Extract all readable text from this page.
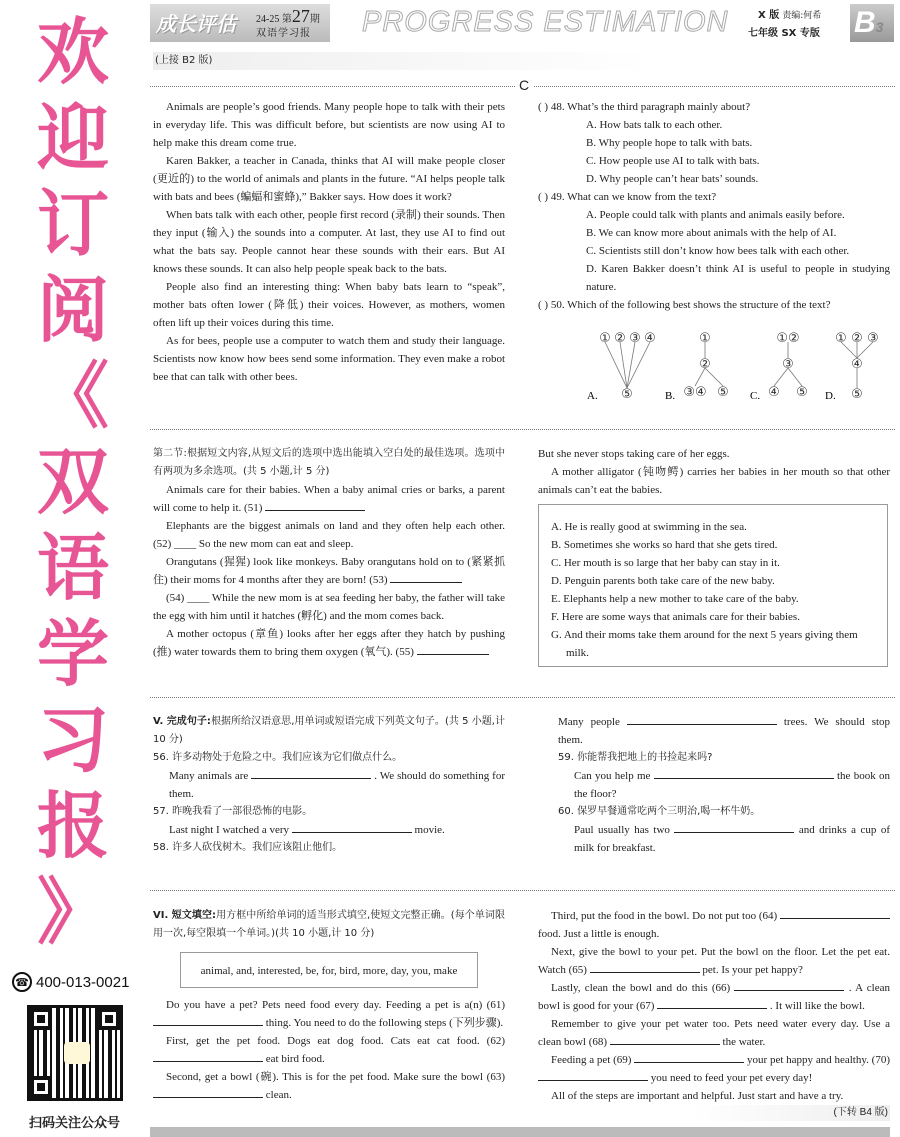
欢
迎
订
阅
《
双
语
学
习
报
》
☎ 400-013-0021
扫码关注公众号
成长评估 24-25 第27期
双语学习报 PROGRESS ESTIMATION	X 版 责编:何希
七年级 SX 专版 B3
(上接 B2 版)
C

Animals are people’s good friends. Many people hope to talk with their pets in everyday life. This was difficult before, but scientists are now using AI to help make this dream come true.

Karen Bakker, a teacher in Canada, thinks that AI will make people closer (更近的) to the world of animals and plants in the future. “AI helps people talk with bats and bees (蝙蝠和蜜蜂),” Bakker says. How does it work?

When bats talk with each other, people first record (录制) their sounds. Then they input (输入) the sounds into a computer. At last, they use AI to find out what the bats say. People cannot hear these sounds with their ears. But AI knows these sounds. It can also help people speak back to the bats.

People also find an interesting thing: When baby bats learn to “speak”, mother bats often lower (降低) their voices. However, as mothers, women often lift up their voices during this time.

As for bees, people use a computer to watch them and study their language. Scientists now know how bees send some information. They even make a robot bee that can talk with other bees.

( ) 48. What’s the third paragraph mainly about?
A. How bats talk to each other.
B. Why people hope to talk with bats.
C. How people use AI to talk with bats.
D. Why people can’t hear bats’ sounds.
( ) 49. What can we know from the text?
A. People could talk with plants and animals easily before.
B. We can know more about animals with the help of AI.
C. Scientists still don’t know how bees talk with each other.
D. Karen Bakker doesn’t think AI is useful to people in studying nature.
( ) 50. Which of the following best shows the structure of the text?
① ② ③ ④
⑤
A.
①
②
③④ ⑤
B.
①②
③
④ ⑤
C.
① ② ③
④
⑤
D.

第二节:根据短文内容,从短文后的选项中选出能填入空白处的最佳选项。选项中有两项为多余选项。(共 5 小题,计 5 分)

Animals care for their babies. When a baby animal cries or barks, a parent will come to help it. (51)

Elephants are the biggest animals on land and they often help each other. (52) ____ So the new mom can eat and sleep.

Orangutans (猩猩) look like monkeys. Baby orangutans hold on to (紧紧抓住) their moms for 4 months after they are born! (53)

(54) ____ While the new mom is at sea feeding her baby, the father will take the egg with him until it hatches (孵化) and the mom comes back.

A mother octopus (章鱼) looks after her eggs after they hatch by pushing (推) water towards them to bring them oxygen (氧气). (55)

But she never stops taking care of her eggs.

A mother alligator (钝吻鳄) carries her babies in her mouth so that other animals can’t eat the babies.

A. He is really good at swimming in the sea.
B. Sometimes she works so hard that she gets tired.
C. Her mouth is so large that her baby can stay in it.
D. Penguin parents both take care of the new baby.
E. Elephants help a new mother to take care of the baby.
F. Here are some ways that animals care for their babies.
G. And their moms take them around for the next 5 years giving them milk.
V. 完成句子:根据所给汉语意思,用单词或短语完成下列英文句子。(共 5 小题,计 10 分)
56. 许多动物处于危险之中。我们应该为它们做点什么。
Many animals are	. We should do something for them.
57. 昨晚我看了一部很恐怖的电影。
Last night I watched a very	movie.
58. 许多人砍伐树木。我们应该阻止他们。
Many people	trees. We should stop them.
59. 你能帮我把地上的书捡起来吗?
Can you help me	the book on the floor?
60. 保罗早餐通常吃两个三明治,喝一杯牛奶。
Paul usually has two	and drinks a cup of milk for breakfast.
VI. 短文填空:用方框中所给单词的适当形式填空,使短文完整正确。(每个单词限用一次,每空限填一个单词。)(共 10 小题,计 10 分)
animal, and, interested, be, for, bird, more, day, you, make

Do you have a pet? Pets need food every day. Feeding a pet is a(n) (61)  thing. You need to do the following steps (下列步骤).

First, get the pet food. Dogs eat dog food. Cats eat cat food. (62)  eat bird food.

Second, get a bowl (碗). This is for the pet food. Make sure the bowl (63)  clean.

Third, put the food in the bowl. Do not put too (64)  food. Just a little is enough.

Next, give the bowl to your pet. Put the bowl on the floor. Let the pet eat. Watch (65)	pet. Is your pet happy?

Lastly, clean the bowl and do this (66)	. A clean bowl is good for your (67)	. It will like the bowl.

Remember to give your pet water too. Pets need water every day. Use a clean bowl (68)	the water.

Feeding a pet (69)	your pet happy and healthy. (70)  you need to feed your pet every day!

All of the steps are important and helpful. Just start and have a try.

(下转 B4 版)
